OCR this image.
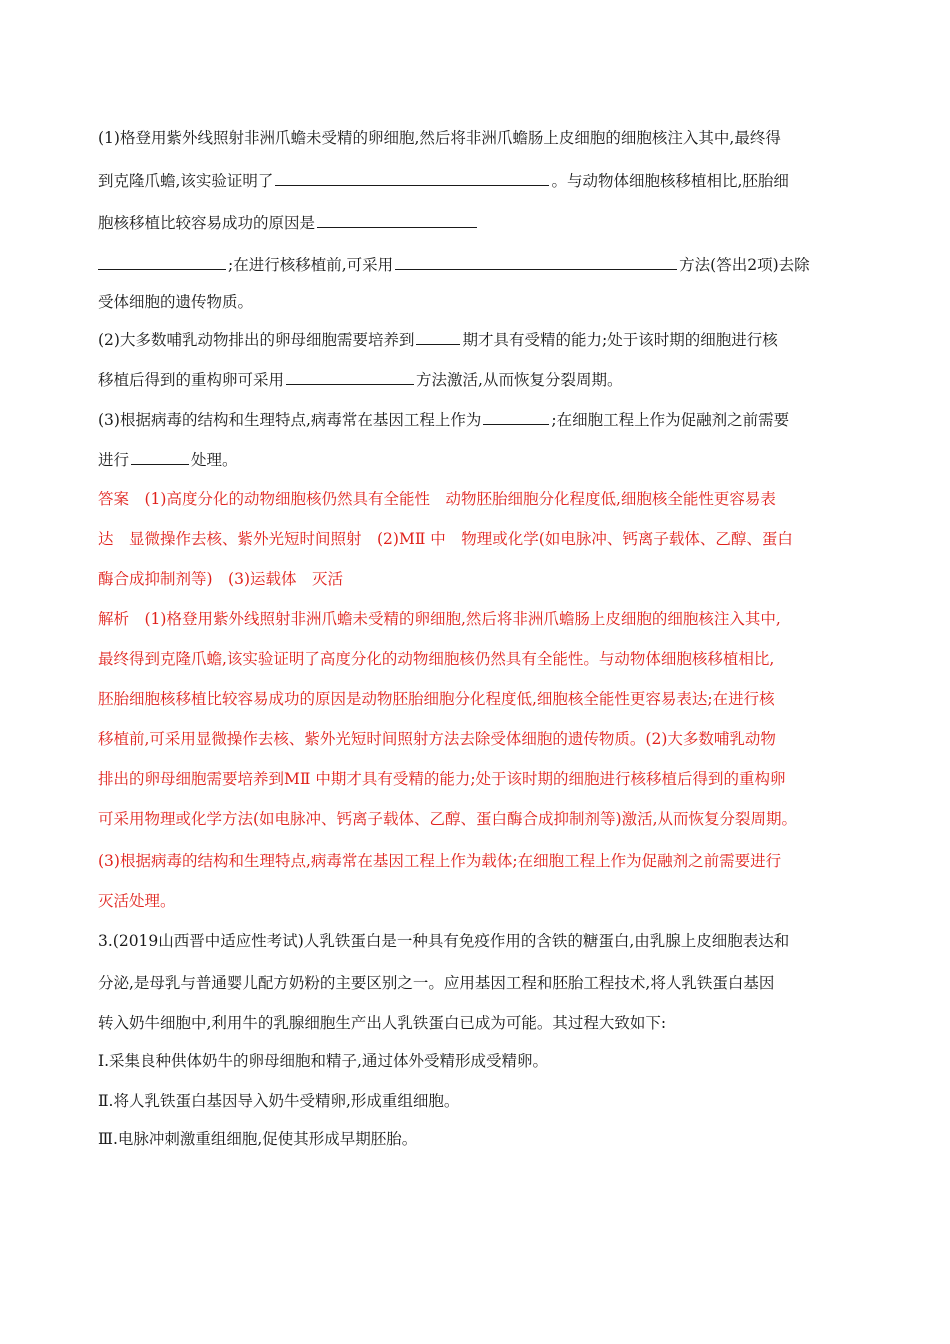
(1)格登用紫外线照射非洲爪蟾未受精的卵细胞,然后将非洲爪蟾肠上皮细胞的细胞核注入其中,最终得
到克隆爪蟾,该实验证明了	。与动物体细胞核移植相比,胚胎细
胞核移植比较容易成功的原因是
;在进行核移植前,可采用	方法(答出2项)去除
受体细胞的遗传物质。
(2)大多数哺乳动物排出的卵母细胞需要培养到	期才具有受精的能力;处于该时期的细胞进行核
移植后得到的重构卵可采用	方法激活,从而恢复分裂周期。
(3)根据病毒的结构和生理特点,病毒常在基因工程上作为	;在细胞工程上作为促融剂之前需要
进行	处理。
答案 (1)高度分化的动物细胞核仍然具有全能性 动物胚胎细胞分化程度低,细胞核全能性更容易表
达 显微操作去核、紫外光短时间照射 (2)MⅡ 中 物理或化学(如电脉冲、钙离子载体、乙醇、蛋白
酶合成抑制剂等) (3)运载体 灭活
解析 (1)格登用紫外线照射非洲爪蟾未受精的卵细胞,然后将非洲爪蟾肠上皮细胞的细胞核注入其中,
最终得到克隆爪蟾,该实验证明了高度分化的动物细胞核仍然具有全能性。与动物体细胞核移植相比,
胚胎细胞核移植比较容易成功的原因是动物胚胎细胞分化程度低,细胞核全能性更容易表达;在进行核
移植前,可采用显微操作去核、紫外光短时间照射方法去除受体细胞的遗传物质。(2)大多数哺乳动物
排出的卵母细胞需要培养到MⅡ 中期才具有受精的能力;处于该时期的细胞进行核移植后得到的重构卵
可采用物理或化学方法(如电脉冲、钙离子载体、乙醇、蛋白酶合成抑制剂等)激活,从而恢复分裂周期。
(3)根据病毒的结构和生理特点,病毒常在基因工程上作为载体;在细胞工程上作为促融剂之前需要进行
灭活处理。
3.(2019山西晋中适应性考试)人乳铁蛋白是一种具有免疫作用的含铁的糖蛋白,由乳腺上皮细胞表达和
分泌,是母乳与普通婴儿配方奶粉的主要区别之一。应用基因工程和胚胎工程技术,将人乳铁蛋白基因
转入奶牛细胞中,利用牛的乳腺细胞生产出人乳铁蛋白已成为可能。其过程大致如下:
Ⅰ.采集良种供体奶牛的卵母细胞和精子,通过体外受精形成受精卵。
Ⅱ.将人乳铁蛋白基因导入奶牛受精卵,形成重组细胞。
Ⅲ.电脉冲刺激重组细胞,促使其形成早期胚胎。
